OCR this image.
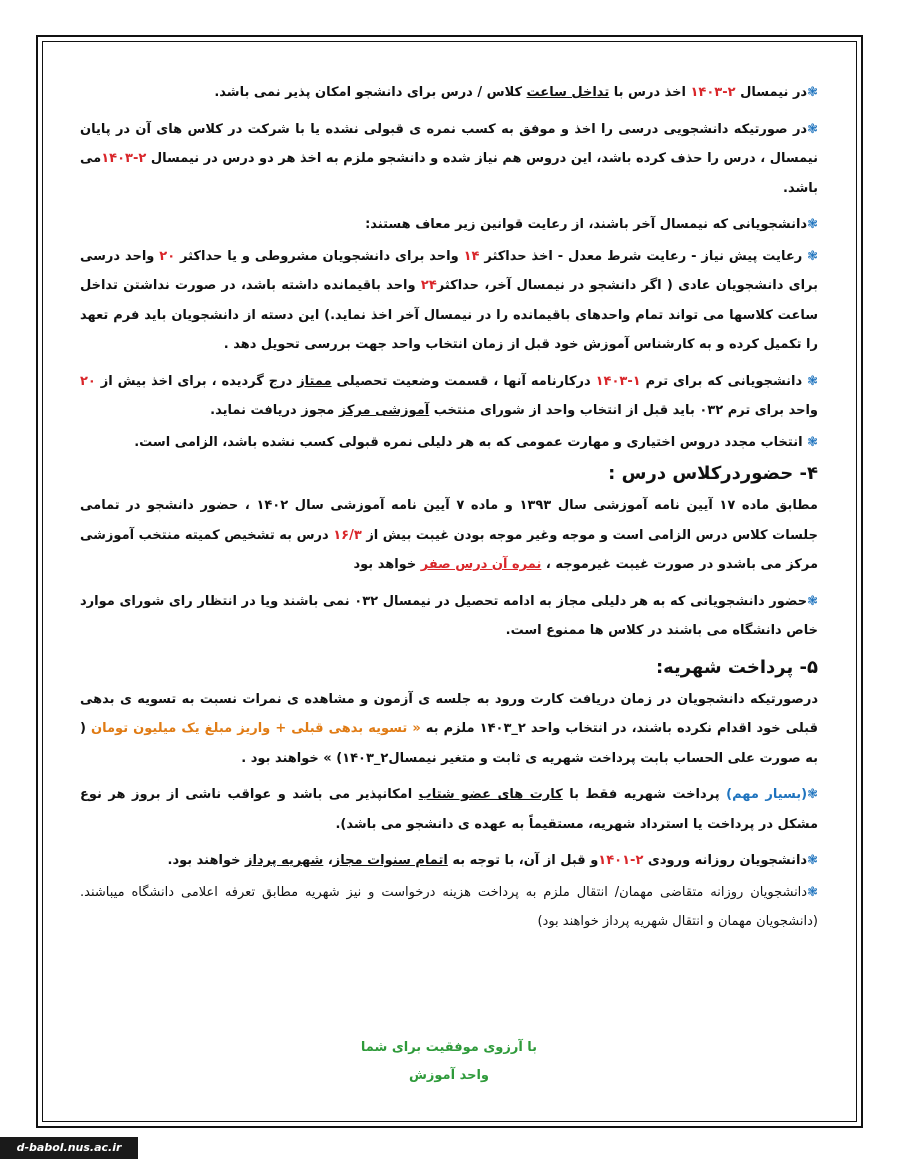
❃در نیمسال ۲-۱۴۰۳ اخذ درس با تداخل ساعت کلاس / درس برای دانشجو امکان پذیر نمی باشد.

❃در صورتیکه دانشجویی درسی را اخذ و موفق به کسب نمره ی قبولی نشده یا با شرکت در کلاس های آن در پایان نیمسال ، درس را حذف کرده باشد، این دروس هم نیاز شده و دانشجو ملزم به اخذ هر دو درس در نیمسال ۲-۱۴۰۳می باشد.

❃دانشجویانی که نیمسال آخر باشند، از رعایت قوانین زیر معاف هستند:

❃ رعایت پیش نیاز - رعایت شرط معدل - اخذ حداکثر ۱۴ واحد برای دانشجویان مشروطی و یا حداکثر ۲۰ واحد درسی برای دانشجویان عادی ( اگر دانشجو در نیمسال آخر، حداکثر۲۴ واحد باقیمانده داشته باشد، در صورت نداشتن تداخل ساعت کلاسها می تواند تمام واحدهای باقیمانده را در نیمسال آخر اخذ نماید.) این دسته از دانشجویان باید فرم تعهد را تکمیل کرده و به کارشناس آموزش خود قبل از زمان انتخاب واحد جهت بررسی تحویل دهد .

❃ دانشجویانی که برای ترم ۱-۱۴۰۳ درکارنامه آنها ، قسمت وضعیت تحصیلی ممتاز درج گردیده ، برای اخذ بیش از ۲۰ واحد برای ترم ۰۳۲ باید قبل از انتخاب واحد از شورای منتخب آموزشی مرکز مجوز دریافت نماید.

❃ انتخاب مجدد دروس اختیاری و مهارت عمومی که به هر دلیلی نمره قبولی کسب نشده باشد، الزامی است.

۴- حضوردرکلاس درس :

مطابق ماده ۱۷ آیین نامه آموزشی سال ۱۳۹۳ و ماده ۷ آیین نامه آموزشی سال ۱۴۰۲ ، حضور دانشجو در تمامی جلسات کلاس درس الزامی است و موجه وغیر موجه بودن غیبت بیش از ۱۶/۳ درس به تشخیص کمیته منتخب آموزشی مرکز می باشدو در صورت غیبت غیرموجه ، نمره آن درس صفر خواهد بود

❃حضور دانشجویانی که به هر دلیلی مجاز به ادامه تحصیل در نیمسال ۰۳۲ نمی باشند ویا در انتظار رای شورای موارد خاص دانشگاه می باشند در کلاس ها ممنوع است.

۵- پرداخت شهریه:

درصورتیکه دانشجویان در زمان دریافت کارت ورود به جلسه ی آزمون و مشاهده ی نمرات نسبت به تسویه ی بدهی قبلی خود اقدام نکرده باشند، در انتخاب واحد ۲_۱۴۰۳ ملزم به « تسویه بدهی قبلی + واریز مبلغ یک میلیون تومان ( به صورت علی الحساب بابت پرداخت شهریه ی ثابت و متغیر نیمسال۲_۱۴۰۳) » خواهند بود .

❃(بسیار مهم) پرداخت شهریه فقط با کارت های عضو شتاب امکانپذیر می باشد و عواقب ناشی از بروز هر نوع مشکل در پرداخت یا استرداد شهریه، مستقیماً به عهده ی دانشجو می باشد).

❃دانشجویان روزانه ورودی ۲-۱۴۰۱و قبل از آن، با توجه به اتمام سنوات مجاز، شهریه پرداز خواهند بود.

❃دانشجویان روزانه متقاضی مهمان/ انتقال ملزم به پرداخت هزینه درخواست و نیز شهریه مطابق تعرفه اعلامی دانشگاه میباشند.(دانشجویان مهمان و انتقال شهریه پرداز خواهند بود)

با آرزوی موفقیت برای شما
واحد آموزش
d-babol.nus.ac.ir
